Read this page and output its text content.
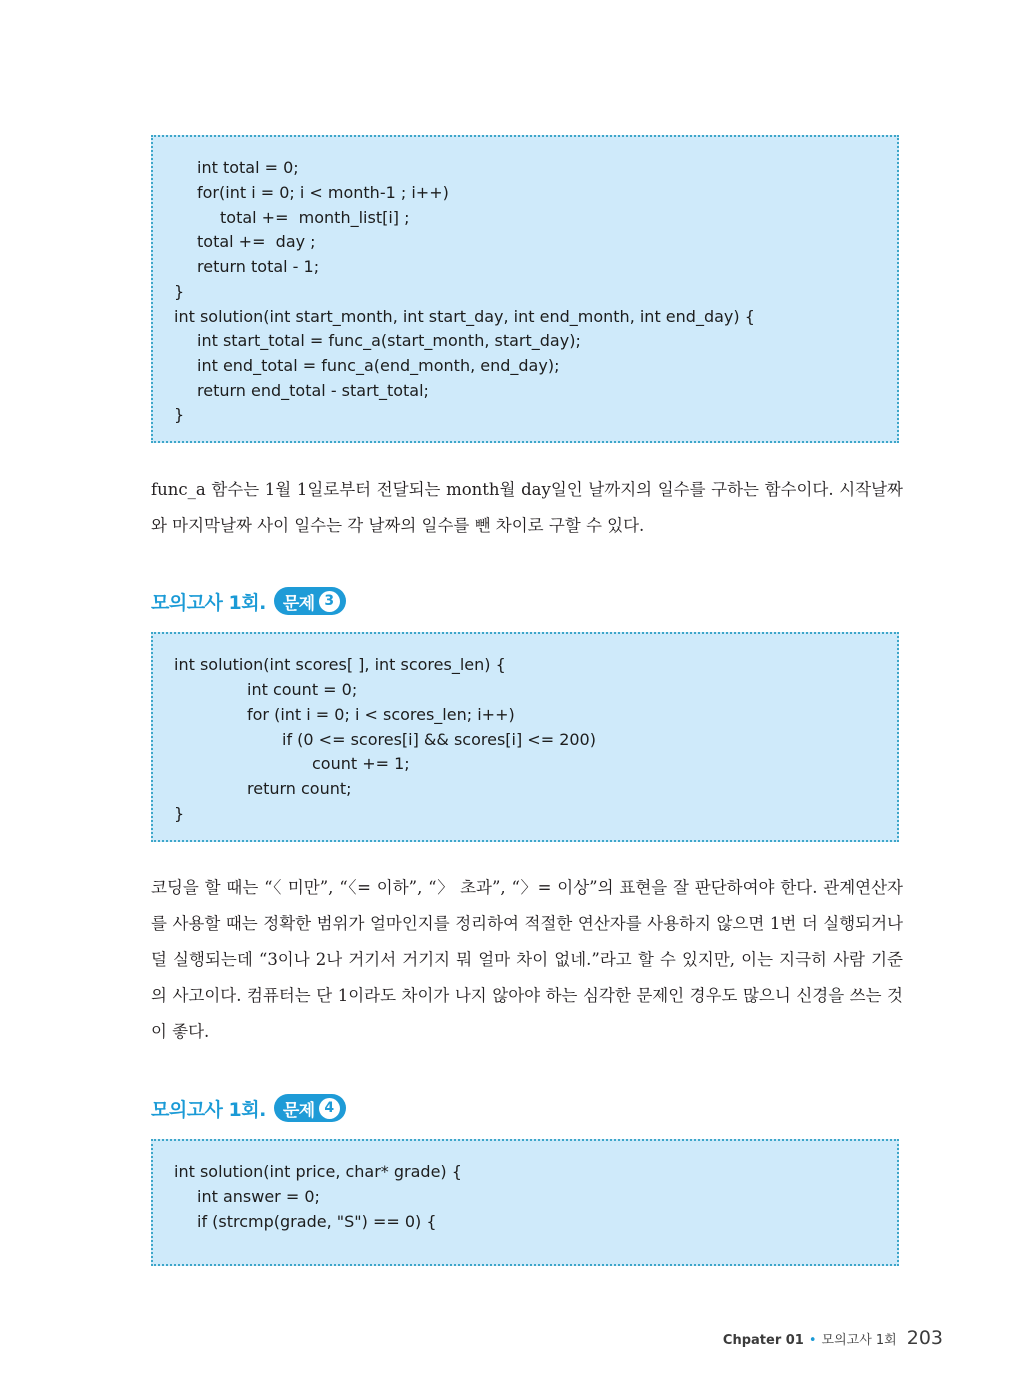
int total = 0;
for(int i = 0; i < month-1 ; i++)
total +=  month_list[i] ;
total +=  day ;
return total - 1;
}
int solution(int start_month, int start_day, int end_month, int end_day) {
int start_total = func_a(start_month, start_day);
int end_total = func_a(end_month, end_day);
return end_total - start_total;
}

func_a 함수는 1월 1일로부터 전달되는 month월 day일인 날까지의 일수를 구하는 함수이다. 시작날짜와 마지막날짜 사이 일수는 각 날짜의 일수를 뺀 차이로 구할 수 있다.

모의고사 1회. 문제 3
int solution(int scores[ ], int scores_len) {
int count = 0;
for (int i = 0; i < scores_len; i++)
if (0 <= scores[i] && scores[i] <= 200)
count += 1;
return count;
}

코딩을 할 때는 “〈 미만”, “〈= 이하”, “〉 초과”, “〉= 이상”의 표현을 잘 판단하여야 한다. 관계연산자를 사용할 때는 정확한 범위가 얼마인지를 정리하여 적절한 연산자를 사용하지 않으면 1번 더 실행되거나 덜 실행되는데 “3이나 2나 거기서 거기지 뭐 얼마 차이 없네.”라고 할 수 있지만, 이는 지극히 사람 기준의 사고이다. 컴퓨터는 단 1이라도 차이가 나지 않아야 하는 심각한 문제인 경우도 많으니 신경을 쓰는 것이 좋다.

모의고사 1회. 문제 4
int solution(int price, char* grade) {
int answer = 0;
if (strcmp(grade, "S") == 0) {
Chpater 01 • 모의고사 1회 203
